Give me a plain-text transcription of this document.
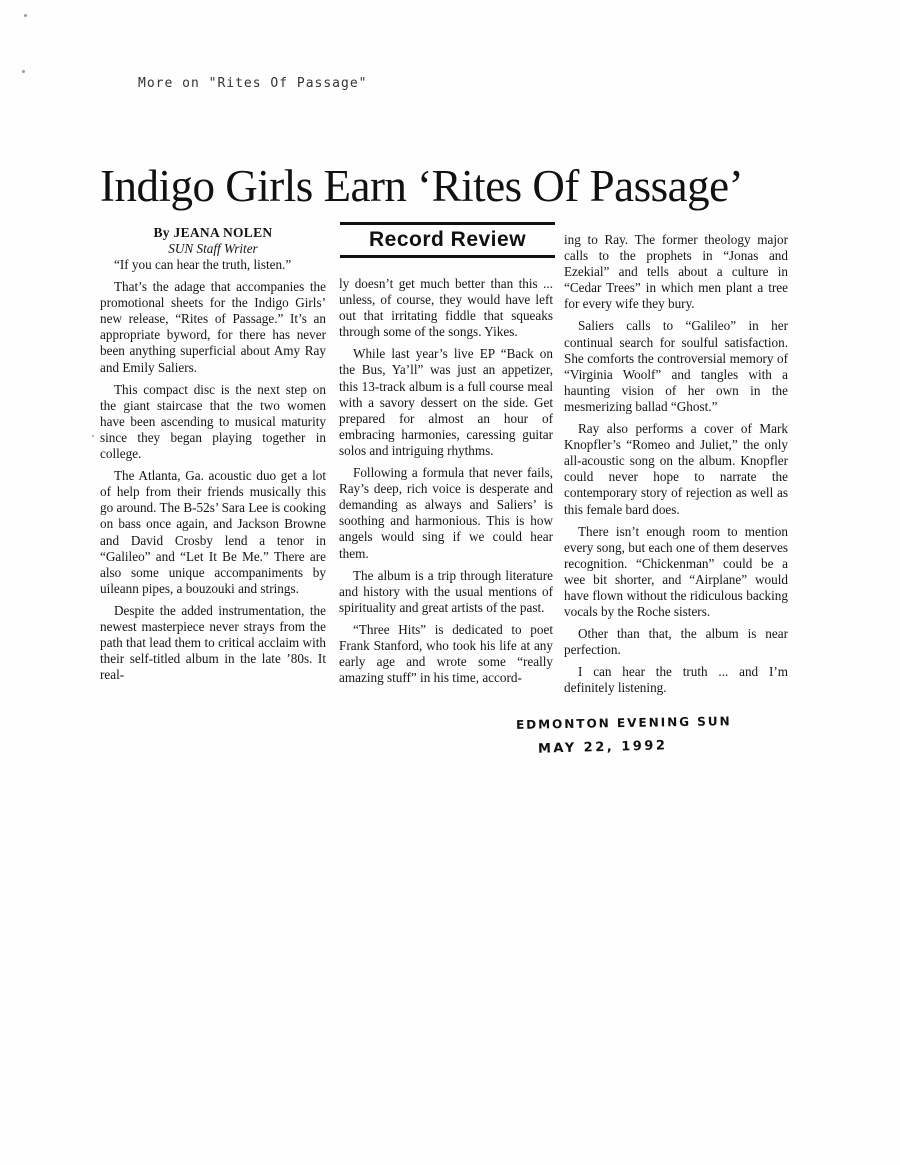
More on "Rites Of Passage"
Indigo Girls Earn ‘Rites Of Passage’
By JEANA NOLEN
SUN Staff Writer

“If you can hear the truth, listen.”

That’s the adage that accompanies the promotional sheets for the Indigo Girls’ new release, “Rites of Passage.” It’s an appropriate byword, for there has never been anything superficial about Amy Ray and Emily Saliers.

This compact disc is the next step on the giant staircase that the two women have been ascending to musical maturity since they began playing together in college.

The Atlanta, Ga. acoustic duo get a lot of help from their friends musically this go around. The B-52s’ Sara Lee is cooking on bass once again, and Jackson Browne and David Crosby lend a tenor in “Galileo” and “Let It Be Me.” There are also some unique accompaniments by uileann pipes, a bouzouki and strings.

Despite the added instrumentation, the newest masterpiece never strays from the path that lead them to critical acclaim with their self-titled album in the late ’80s. It real-

Record Review

ly doesn’t get much better than this ... unless, of course, they would have left out that irritating fiddle that squeaks through some of the songs. Yikes.

While last year’s live EP “Back on the Bus, Ya’ll” was just an appetizer, this 13-track album is a full course meal with a savory dessert on the side. Get prepared for almost an hour of embracing harmonies, caressing guitar solos and intriguing rhythms.

Following a formula that never fails, Ray’s deep, rich voice is desperate and demanding as always and Saliers’ is soothing and harmonious. This is how angels would sing if we could hear them.

The album is a trip through literature and history with the usual mentions of spirituality and great artists of the past.

“Three Hits” is dedicated to poet Frank Stanford, who took his life at any early age and wrote some “really amazing stuff” in his time, accord-

ing to Ray. The former theology major calls to the prophets in “Jonas and Ezekial” and tells about a culture in “Cedar Trees” in which men plant a tree for every wife they bury.

Saliers calls to “Galileo” in her continual search for soulful satisfaction. She comforts the controversial memory of “Virginia Woolf” and tangles with a haunting vision of her own in the mesmerizing ballad “Ghost.”

Ray also performs a cover of Mark Knopfler’s “Romeo and Juliet,” the only all-acoustic song on the album. Knopfler could never hope to narrate the contemporary story of rejection as well as this female bard does.

There isn’t enough room to mention every song, but each one of them deserves recognition. “Chickenman” could be a wee bit shorter, and “Airplane” would have flown without the ridiculous backing vocals by the Roche sisters.

Other than that, the album is near perfection.

I can hear the truth ... and I’m definitely listening.

EDMONTON EVENING SUN
MAY 22, 1992
